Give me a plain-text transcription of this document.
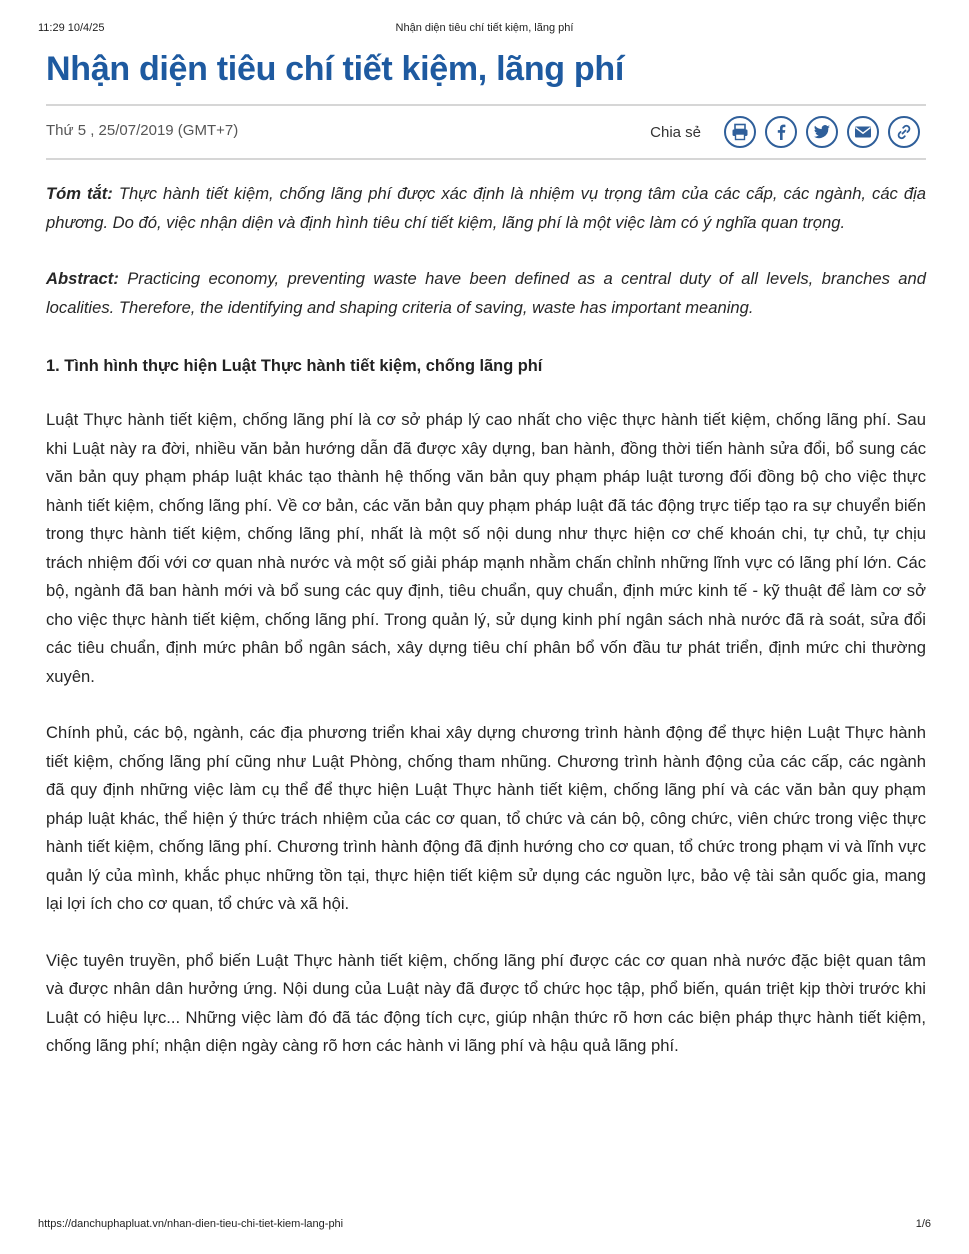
11:29 10/4/25	Nhận diện tiêu chí tiết kiệm, lãng phí
Nhận diện tiêu chí tiết kiệm, lãng phí
Thứ 5 , 25/07/2019 (GMT+7)	Chia sẻ

Tóm tắt: Thực hành tiết kiệm, chống lãng phí được xác định là nhiệm vụ trọng tâm của các cấp, các ngành, các địa phương. Do đó, việc nhận diện và định hình tiêu chí tiết kiệm, lãng phí là một việc làm có ý nghĩa quan trọng.

Abstract: Practicing economy, preventing waste have been defined as a central duty of all levels, branches and localities. Therefore, the identifying and shaping criteria of saving, waste has important meaning.

1. Tình hình thực hiện Luật Thực hành tiết kiệm, chống lãng phí

Luật Thực hành tiết kiệm, chống lãng phí là cơ sở pháp lý cao nhất cho việc thực hành tiết kiệm, chống lãng phí. Sau khi Luật này ra đời, nhiều văn bản hướng dẫn đã được xây dựng, ban hành, đồng thời tiến hành sửa đổi, bổ sung các văn bản quy phạm pháp luật khác tạo thành hệ thống văn bản quy phạm pháp luật tương đối đồng bộ cho việc thực hành tiết kiệm, chống lãng phí. Về cơ bản, các văn bản quy phạm pháp luật đã tác động trực tiếp tạo ra sự chuyển biến trong thực hành tiết kiệm, chống lãng phí, nhất là một số nội dung như thực hiện cơ chế khoán chi, tự chủ, tự chịu trách nhiệm đối với cơ quan nhà nước và một số giải pháp mạnh nhằm chấn chỉnh những lĩnh vực có lãng phí lớn. Các bộ, ngành đã ban hành mới và bổ sung các quy định, tiêu chuẩn, quy chuẩn, định mức kinh tế - kỹ thuật để làm cơ sở cho việc thực hành tiết kiệm, chống lãng phí. Trong quản lý, sử dụng kinh phí ngân sách nhà nước đã rà soát, sửa đổi các tiêu chuẩn, định mức phân bổ ngân sách, xây dựng tiêu chí phân bổ vốn đầu tư phát triển, định mức chi thường xuyên.

Chính phủ, các bộ, ngành, các địa phương triển khai xây dựng chương trình hành động để thực hiện Luật Thực hành tiết kiệm, chống lãng phí cũng như Luật Phòng, chống tham nhũng. Chương trình hành động của các cấp, các ngành đã quy định những việc làm cụ thể để thực hiện Luật Thực hành tiết kiệm, chống lãng phí và các văn bản quy phạm pháp luật khác, thể hiện ý thức trách nhiệm của các cơ quan, tổ chức và cán bộ, công chức, viên chức trong việc thực hành tiết kiệm, chống lãng phí. Chương trình hành động đã định hướng cho cơ quan, tổ chức trong phạm vi và lĩnh vực quản lý của mình, khắc phục những tồn tại, thực hiện tiết kiệm sử dụng các nguồn lực, bảo vệ tài sản quốc gia, mang lại lợi ích cho cơ quan, tổ chức và xã hội.

Việc tuyên truyền, phổ biến Luật Thực hành tiết kiệm, chống lãng phí được các cơ quan nhà nước đặc biệt quan tâm và được nhân dân hưởng ứng. Nội dung của Luật này đã được tổ chức học tập, phổ biến, quán triệt kịp thời trước khi Luật có hiệu lực... Những việc làm đó đã tác động tích cực, giúp nhận thức rõ hơn các biện pháp thực hành tiết kiệm, chống lãng phí; nhận diện ngày càng rõ hơn các hành vi lãng phí và hậu quả lãng phí.

https://danchuphapluat.vn/nhan-dien-tieu-chi-tiet-kiem-lang-phi	1/6
